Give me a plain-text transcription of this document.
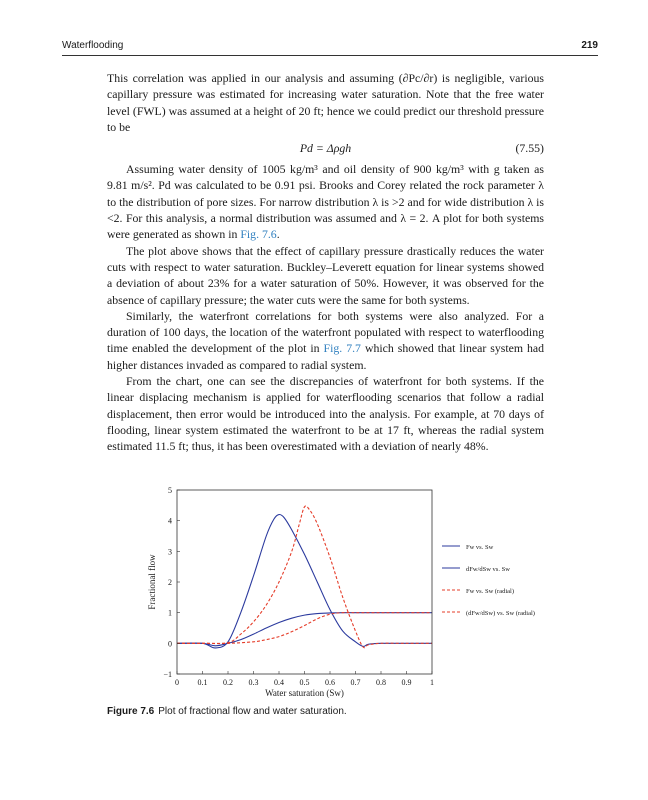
Waterflooding	219

This correlation was applied in our analysis and assuming (∂Pc/∂r) is negligible, various capillary pressure was estimated for increasing water saturation. Note that the free water level (FWL) was assumed at a height of 20 ft; hence we could predict our threshold pressure to be

Pd = Δρgh	(7.55)

Assuming water density of 1005 kg/m³ and oil density of 900 kg/m³ with g taken as 9.81 m/s². Pd was calculated to be 0.91 psi. Brooks and Corey related the rock parameter λ to the distribution of pore sizes. For narrow distribution λ is >2 and for wide distribution λ is <2. For this analysis, a normal distribution was assumed and λ = 2. A plot for both systems were generated as shown in Fig. 7.6.

The plot above shows that the effect of capillary pressure drastically reduces the water cuts with respect to water saturation. Buckley–Leverett equation for linear systems showed a deviation of about 23% for a water saturation of 50%. However, it was observed for the absence of capillary pressure; the water cuts were the same for both systems.

Similarly, the waterfront correlations for both systems were also analyzed. For a duration of 100 days, the location of the waterfront populated with respect to waterflooding time enabled the development of the plot in Fig. 7.7 which showed that linear system had higher distances invaded as compared to radial system.

From the chart, one can see the discrepancies of waterfront for both systems. If the linear displacing mechanism is applied for waterflooding scenarios that follow a radial displacement, then error would be introduced into the analysis. For example, at 70 days of flooding, linear system estimated the waterfront to be at 17 ft, whereas the radial system estimated 11.5 ft; thus, it has been overestimated with a deviation of nearly 48%.

0 0.1 0.2 0.3 0.4 0.5 0.6 0.7 0.8 0.9 1
−1
0
1
2
3
4
5
Water saturation (Sw)
Fractional flow
Fw vs. Sw
dFw/dSw vs. Sw
Fw vs. Sw (radial)
(dFw/dSw) vs. Sw (radial)
Figure 7.6 Plot of fractional flow and water saturation.
